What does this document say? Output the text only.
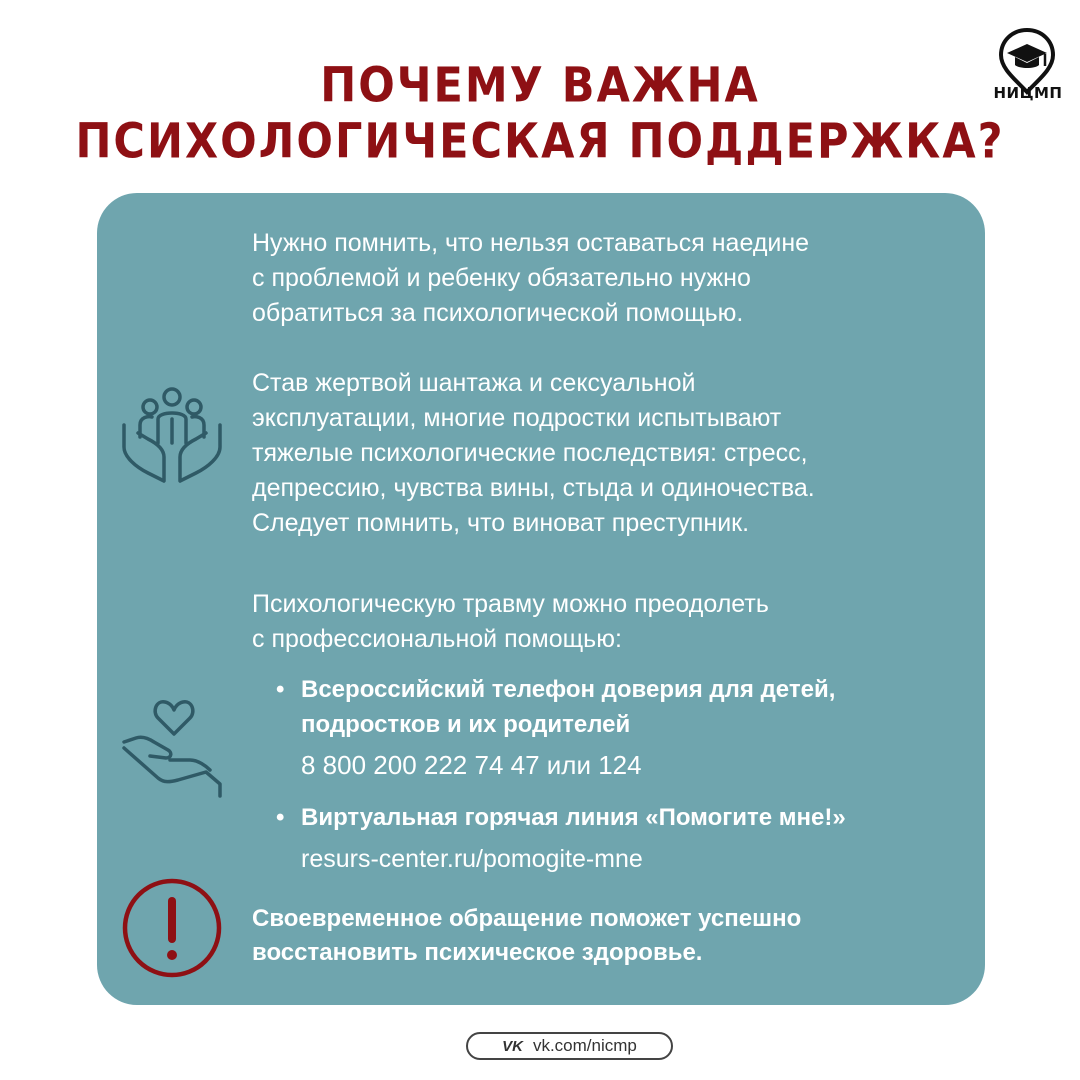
ПОЧЕМУ ВАЖНА
ПСИХОЛОГИЧЕСКАЯ ПОДДЕРЖКА?
НИЦМП
Нужно помнить, что нельзя оставаться наедине
с проблемой и ребенку обязательно нужно
обратиться за психологической помощью.
Став жертвой шантажа и сексуальной
эксплуатации, многие подростки испытывают
тяжелые психологические последствия: стресс,
депрессию, чувства вины, стыда и одиночества.
Следует помнить, что виноват преступник.
Психологическую травму можно преодолеть
с профессиональной помощью:
• Всероссийский телефон доверия для детей,
подростков и их родителей
8 800 200 222 74 47 или 124
• Виртуальная горячая линия «Помогите мне!»
resurs-center.ru/pomogite-mne
Своевременное обращение поможет успешно
восстановить психическое здоровье.
VK vk.com/nicmp
